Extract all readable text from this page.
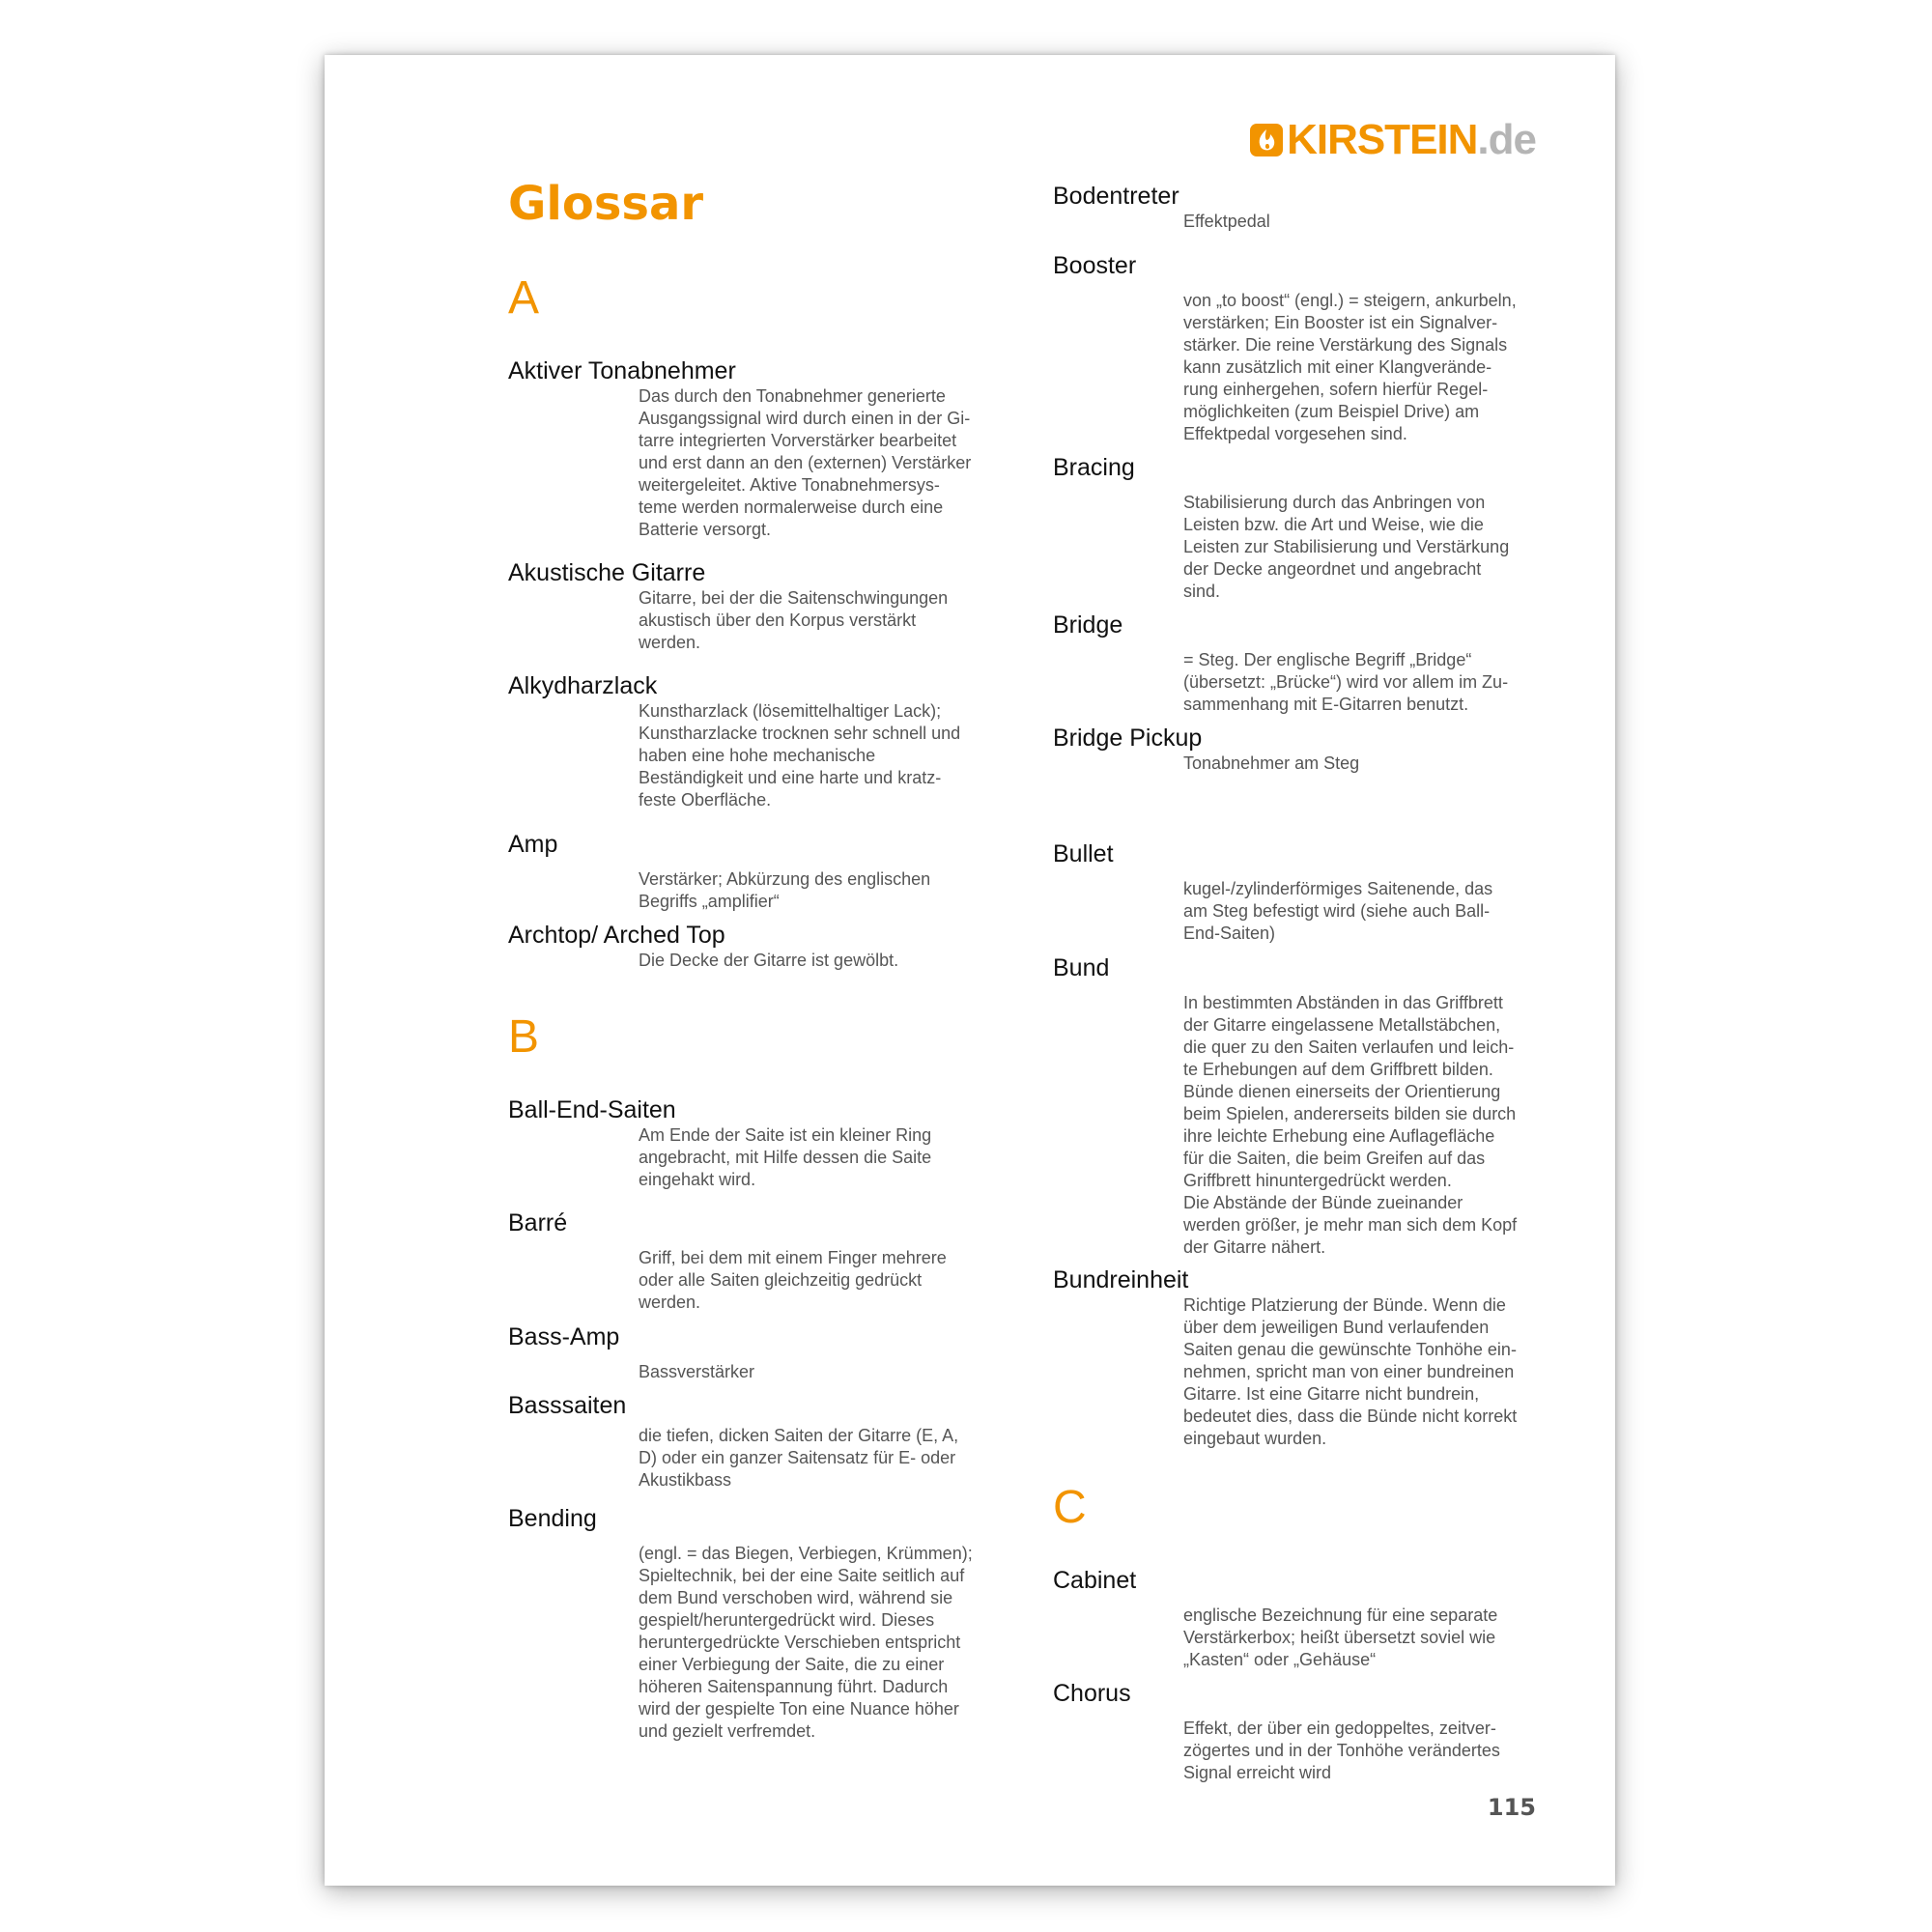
KIRSTEIN .de
Glossar
A
Aktiver Tonabnehmer
Das durch den Tonabnehmer generierte
Ausgangssignal wird durch einen in der Gi-
tarre integrierten Vorverstärker bearbeitet
und erst dann an den (externen) Verstärker
weitergeleitet. Aktive Tonabnehmersys-
teme werden normalerweise durch eine
Batterie versorgt.
Akustische Gitarre
Gitarre, bei der die Saitenschwingungen
akustisch über den Korpus verstärkt
werden.
Alkydharzlack
Kunstharzlack (lösemittelhaltiger Lack);
Kunstharzlacke trocknen sehr schnell und
haben eine hohe mechanische
Beständigkeit und eine harte und kratz-
feste Oberfläche.
Amp
Verstärker; Abkürzung des englischen
Begriffs „amplifier“
Archtop/ Arched Top
Die Decke der Gitarre ist gewölbt.
B
Ball-End-Saiten
Am Ende der Saite ist ein kleiner Ring
angebracht, mit Hilfe dessen die Saite
eingehakt wird.
Barré
Griff, bei dem mit einem Finger mehrere
oder alle Saiten gleichzeitig gedrückt
werden.
Bass-Amp
Bassverstärker
Basssaiten
die tiefen, dicken Saiten der Gitarre (E, A,
D) oder ein ganzer Saitensatz für E- oder
Akustikbass
Bending
(engl. = das Biegen, Verbiegen, Krümmen);
Spieltechnik, bei der eine Saite seitlich auf
dem Bund verschoben wird, während sie
gespielt/heruntergedrückt wird. Dieses
heruntergedrückte Verschieben entspricht
einer Verbiegung der Saite, die zu einer
höheren Saitenspannung führt. Dadurch
wird der gespielte Ton eine Nuance höher
und gezielt verfremdet.
Bodentreter
Effektpedal
Booster
von „to boost“ (engl.) = steigern, ankurbeln,
verstärken; Ein Booster ist ein Signalver-
stärker. Die reine Verstärkung des Signals
kann zusätzlich mit einer Klangverände-
rung einhergehen, sofern hierfür Regel-
möglichkeiten (zum Beispiel Drive) am
Effektpedal vorgesehen sind.
Bracing
Stabilisierung durch das Anbringen von
Leisten bzw. die Art und Weise, wie die
Leisten zur Stabilisierung und Verstärkung
der Decke angeordnet und angebracht
sind.
Bridge
= Steg. Der englische Begriff „Bridge“
(übersetzt: „Brücke“) wird vor allem im Zu-
sammenhang mit E-Gitarren benutzt.
Bridge Pickup
Tonabnehmer am Steg
Bullet
kugel-/zylinderförmiges Saitenende, das
am Steg befestigt wird (siehe auch Ball-
End-Saiten)
Bund
In bestimmten Abständen in das Griffbrett
der Gitarre eingelassene Metallstäbchen,
die quer zu den Saiten verlaufen und leich-
te Erhebungen auf dem Griffbrett bilden.
Bünde dienen einerseits der Orientierung
beim Spielen, andererseits bilden sie durch
ihre leichte Erhebung eine Auflagefläche
für die Saiten, die beim Greifen auf das
Griffbrett hinuntergedrückt werden.
Die Abstände der Bünde zueinander
werden größer, je mehr man sich dem Kopf
der Gitarre nähert.
Bundreinheit
Richtige Platzierung der Bünde. Wenn die
über dem jeweiligen Bund verlaufenden
Saiten genau die gewünschte Tonhöhe ein-
nehmen, spricht man von einer bundreinen
Gitarre. Ist eine Gitarre nicht bundrein,
bedeutet dies, dass die Bünde nicht korrekt
eingebaut wurden.
C
Cabinet
englische Bezeichnung für eine separate
Verstärkerbox; heißt übersetzt soviel wie
„Kasten“ oder „Gehäuse“
Chorus
Effekt, der über ein gedoppeltes, zeitver-
zögertes und in der Tonhöhe verändertes
Signal erreicht wird
115
